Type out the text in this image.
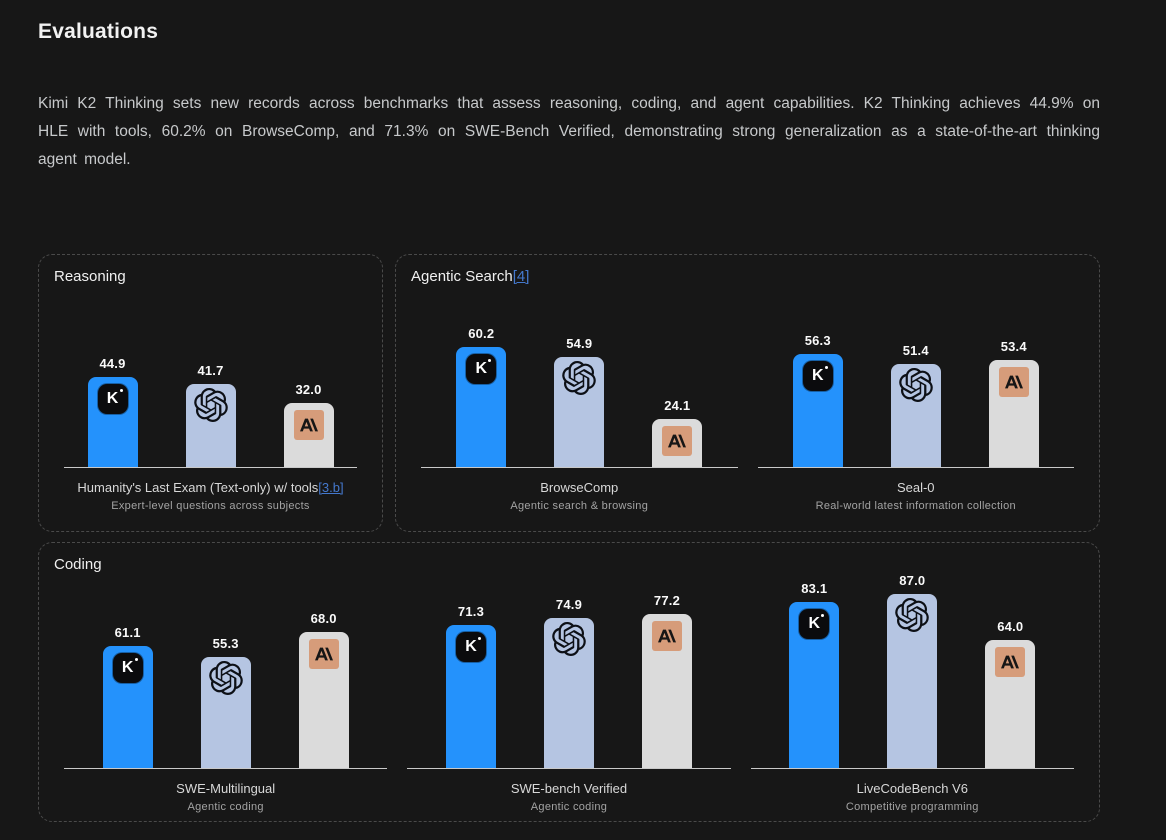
Evaluations

Kimi K2 Thinking sets new records across benchmarks that assess reasoning, coding, and agent capabilities. K2 Thinking achieves 44.9% on HLE with tools, 60.2% on BrowseComp, and 71.3% on SWE-Bench Verified, demonstrating strong generalization as a state-of-the-art thinking agent model.

Reasoning
44.9
K
41.7
32.0
Humanity's Last Exam (Text-only) w/ tools[3.b]
Expert-level questions across subjects
Agentic Search[4]
60.2
K
54.9
24.1
BrowseComp
Agentic search & browsing
56.3
K
51.4	53.4
Seal-0
Real-world latest information collection
Coding
61.1
K
55.3
68.0
SWE-Multilingual
Agentic coding
71.3
K
74.9	77.2
SWE-bench Verified
Agentic coding
83.1
K
87.0
64.0
LiveCodeBench V6
Competitive programming
